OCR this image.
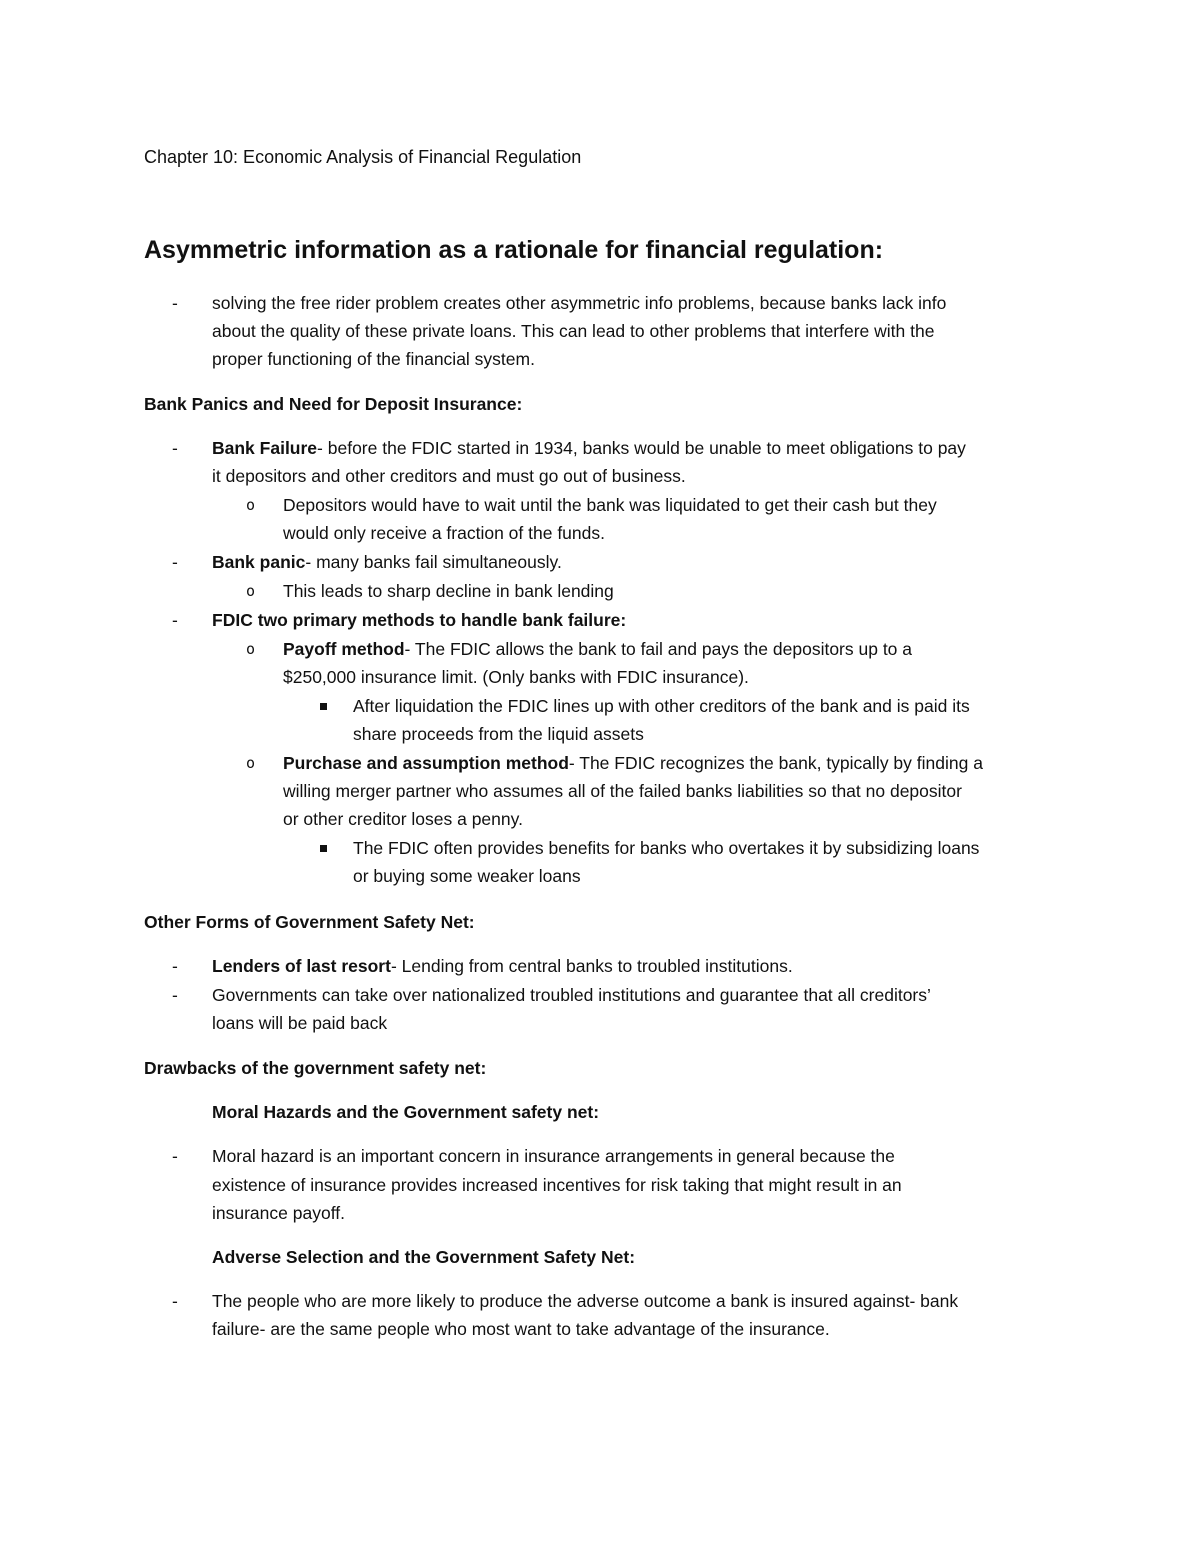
Chapter 10: Economic Analysis of Financial Regulation
Asymmetric information as a rationale for financial regulation:
- solving the free rider problem creates other asymmetric info problems, because banks lack info
about the quality of these private loans. This can lead to other problems that interfere with the
proper functioning of the financial system.
Bank Panics and Need for Deposit Insurance:
- Bank Failure- before the FDIC started in 1934, banks would be unable to meet obligations to pay
it depositors and other creditors and must go out of business.
o Depositors would have to wait until the bank was liquidated to get their cash but they
would only receive a fraction of the funds.
- Bank panic- many banks fail simultaneously.
o This leads to sharp decline in bank lending
- FDIC two primary methods to handle bank failure:
o Payoff method- The FDIC allows the bank to fail and pays the depositors up to a
$250,000 insurance limit. (Only banks with FDIC insurance).
After liquidation the FDIC lines up with other creditors of the bank and is paid its
share proceeds from the liquid assets
o Purchase and assumption method- The FDIC recognizes the bank, typically by finding a
willing merger partner who assumes all of the failed banks liabilities so that no depositor
or other creditor loses a penny.
The FDIC often provides benefits for banks who overtakes it by subsidizing loans
or buying some weaker loans
Other Forms of Government Safety Net:
- Lenders of last resort- Lending from central banks to troubled institutions.
- Governments can take over nationalized troubled institutions and guarantee that all creditors’
loans will be paid back
Drawbacks of the government safety net:
Moral Hazards and the Government safety net:
- Moral hazard is an important concern in insurance arrangements in general because the
existence of insurance provides increased incentives for risk taking that might result in an
insurance payoff.
Adverse Selection and the Government Safety Net:
- The people who are more likely to produce the adverse outcome a bank is insured against- bank
failure- are the same people who most want to take advantage of the insurance.
